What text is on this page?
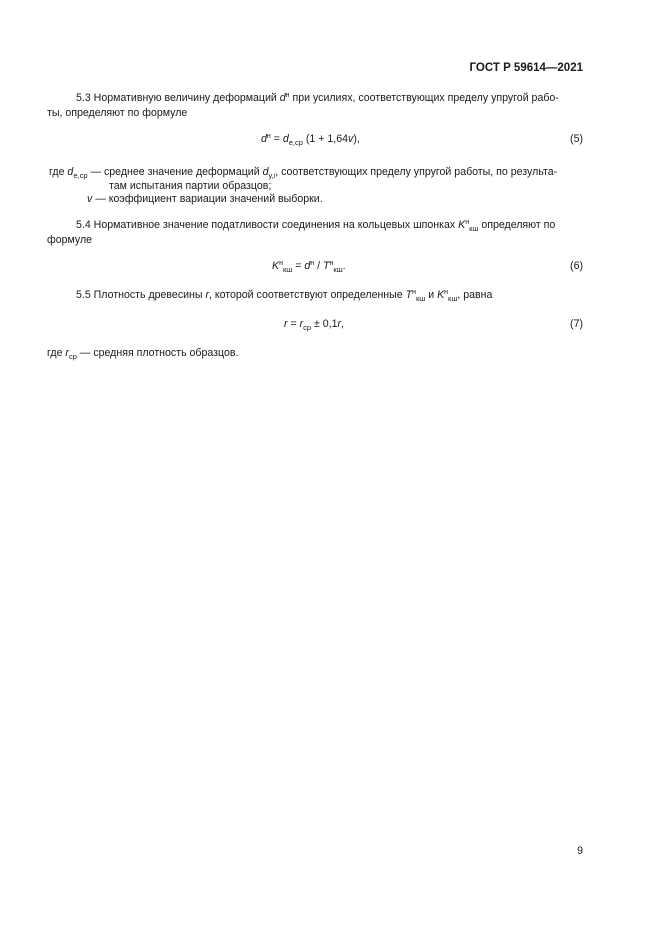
ГОСТ Р 59614—2021
5.3 Нормативную величину деформаций $d^н$ при усилиях, соответствующих пределу упругой рабо-
ты, определяют по формуле
$d^н = d_{e,ср}$ (1 + 1,64v),	(5)
где $d_{e,ср}$ — среднее значение деформаций $d_{у,i}$, соответствующих пределу упругой работы, по результа-
там испытания партии образцов;
v — коэффициент вариации значений выборки.
5.4 Нормативное значение податливости соединения на кольцевых шпонках $K^н_{кш}$ определяют по
формуле
$K^н_{кш} = d^н / T^н_{кш}$.	(6)
5.5 Плотность древесины r, которой соответствуют определенные $T^н_{кш}$ и $K^н_{кш}$, равна
$r = r_{ср} \pm 0,1r$,	(7)
где $r_{ср}$ — средняя плотность образцов.
9
